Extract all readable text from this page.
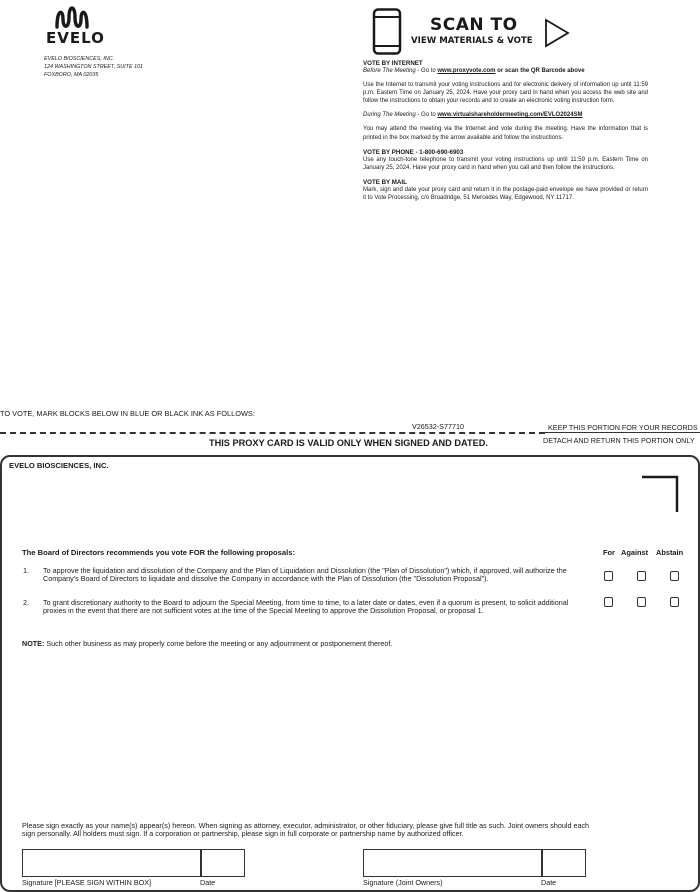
EVELO
EVELO BIOSCIENCES, INC.
124 WASHINGTON STREET, SUITE 101
FOXBORO, MA 02035
SCAN TO
VIEW MATERIALS & VOTE
VOTE BY INTERNET
Before The Meeting - Go to www.proxyvote.com or scan the QR Barcode above
Use the Internet to transmit your voting instructions and for electronic delivery of information up until 11:59 p.m. Eastern Time on January 25, 2024. Have your proxy card in hand when you access the web site and follow the instructions to obtain your records and to create an electronic voting instruction form.
During The Meeting - Go to www.virtualshareholdermeeting.com/EVLO2024SM
You may attend the meeting via the Internet and vote during the meeting. Have the information that is printed in the box marked by the arrow available and follow the instructions.
VOTE BY PHONE - 1-800-690-6903
Use any touch-tone telephone to transmit your voting instructions up until 11:59 p.m. Eastern Time on January 25, 2024. Have your proxy card in hand when you call and then follow the instructions.
VOTE BY MAIL
Mark, sign and date your proxy card and return it in the postage-paid envelope we have provided or return it to Vote Processing, c/o Broadridge, 51 Mercedes Way, Edgewood, NY 11717.
TO VOTE, MARK BLOCKS BELOW IN BLUE OR BLACK INK AS FOLLOWS:
V26532-S77710	KEEP THIS PORTION FOR YOUR RECORDS
DETACH AND RETURN THIS PORTION ONLY
THIS PROXY CARD IS VALID ONLY WHEN SIGNED AND DATED.
EVELO BIOSCIENCES, INC.
The Board of Directors recommends you vote FOR the following proposals:	For Against Abstain
1. To approve the liquidation and dissolution of the Company and the Plan of Liquidation and Dissolution (the "Plan of Dissolution") which, if approved, will authorize the Company's Board of Directors to liquidate and dissolve the Company in accordance with the Plan of Dissolution (the "Dissolution Proposal").
2. To grant discretionary authority to the Board to adjourn the Special Meeting, from time to time, to a later date or dates, even if a quorum is present, to solicit additional proxies in the event that there are not sufficient votes at the time of the Special Meeting to approve the Dissolution Proposal, or proposal 1.
NOTE: Such other business as may properly come before the meeting or any adjournment or postponement thereof.
Please sign exactly as your name(s) appear(s) hereon. When signing as attorney, executor, administrator, or other fiduciary, please give full title as such. Joint owners should each sign personally. All holders must sign. If a corporation or partnership, please sign in full corporate or partnership name by authorized officer.
Signature [PLEASE SIGN WITHIN BOX]	Date	Signature (Joint Owners)	Date
